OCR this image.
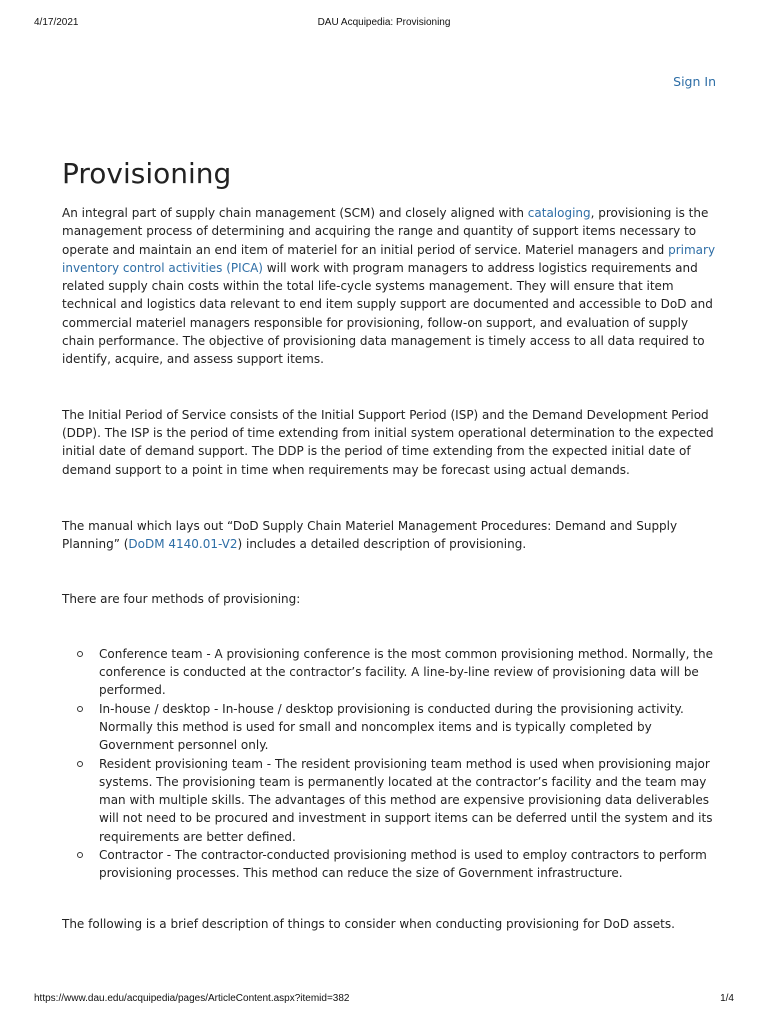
4/17/2021	DAU Acquipedia: Provisioning
Sign In
Provisioning

An integral part of supply chain management (SCM) and closely aligned with cataloging, provisioning is the management process of determining and acquiring the range and quantity of support items necessary to operate and maintain an end item of materiel for an initial period of service. Materiel managers and primary inventory control activities (PICA) will work with program managers to address logistics requirements and related supply chain costs within the total life-cycle systems management. They will ensure that item technical and logistics data relevant to end item supply support are documented and accessible to DoD and commercial materiel managers responsible for provisioning, follow-on support, and evaluation of supply chain performance. The objective of provisioning data management is timely access to all data required to identify, acquire, and assess support items.

The Initial Period of Service consists of the Initial Support Period (ISP) and the Demand Development Period (DDP). The ISP is the period of time extending from initial system operational determination to the expected initial date of demand support. The DDP is the period of time extending from the expected initial date of demand support to a point in time when requirements may be forecast using actual demands.

The manual which lays out “DoD Supply Chain Materiel Management Procedures: Demand and Supply Planning” (DoDM 4140.01-V2) includes a detailed description of provisioning.

There are four methods of provisioning:

Conference team - A provisioning conference is the most common provisioning method. Normally, the conference is conducted at the contractor’s facility. A line-by-line review of provisioning data will be performed.
In-house / desktop - In-house / desktop provisioning is conducted during the provisioning activity. Normally this method is used for small and noncomplex items and is typically completed by Government personnel only.
Resident provisioning team - The resident provisioning team method is used when provisioning major systems. The provisioning team is permanently located at the contractor’s facility and the team may man with multiple skills. The advantages of this method are expensive provisioning data deliverables will not need to be procured and investment in support items can be deferred until the system and its requirements are better defined.
Contractor - The contractor-conducted provisioning method is used to employ contractors to perform provisioning processes. This method can reduce the size of Government infrastructure.

The following is a brief description of things to consider when conducting provisioning for DoD assets.

https://www.dau.edu/acquipedia/pages/ArticleContent.aspx?itemid=382	1/4
